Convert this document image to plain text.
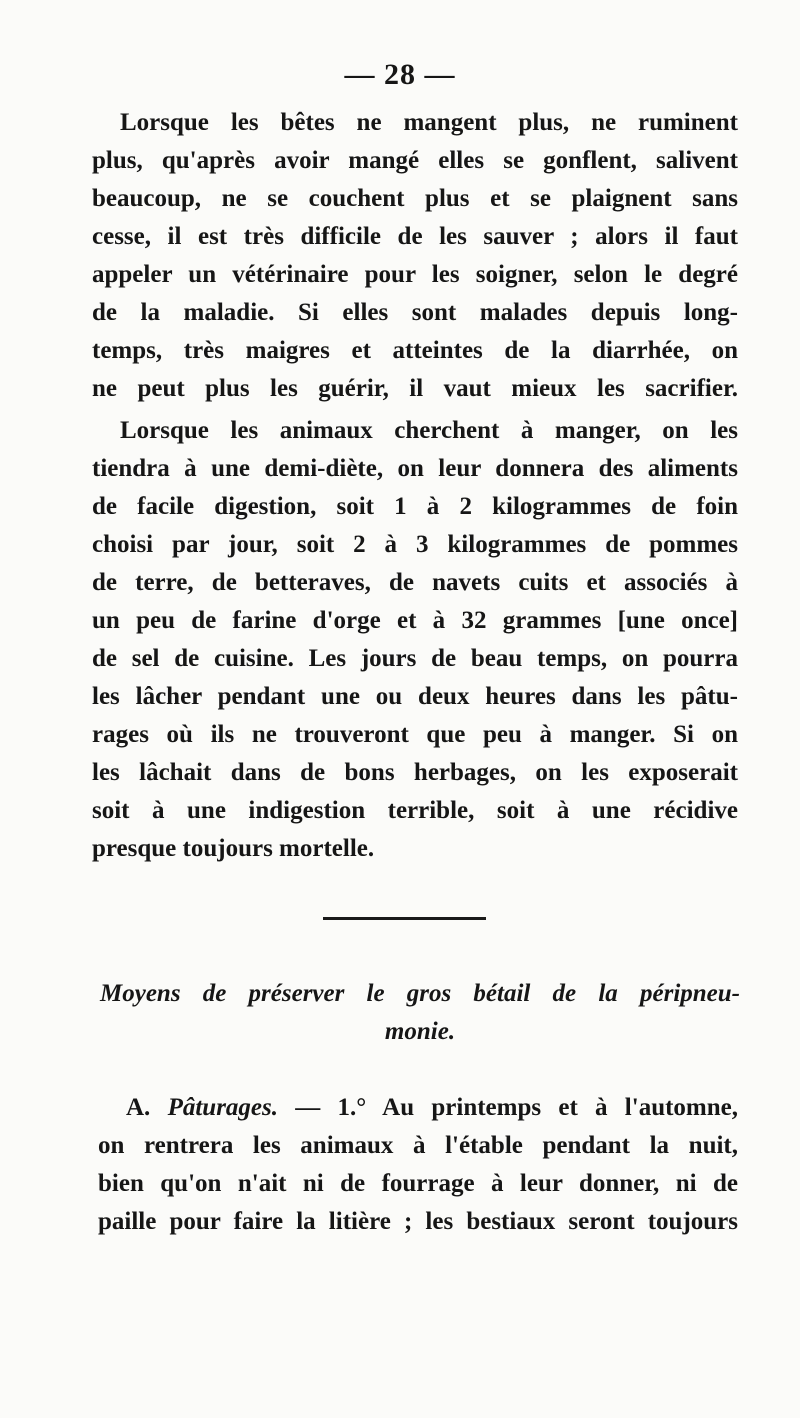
— 28 —
Lorsque les bêtes ne mangent plus, ne ruminent
plus, qu'après avoir mangé elles se gonflent, salivent
beaucoup, ne se couchent plus et se plaignent sans
cesse, il est très difficile de les sauver ; alors il faut
appeler un vétérinaire pour les soigner, selon le degré
de la maladie. Si elles sont malades depuis long-
temps, très maigres et atteintes de la diarrhée, on
ne peut plus les guérir, il vaut mieux les sacrifier.
Lorsque les animaux cherchent à manger, on les
tiendra à une demi-diète, on leur donnera des aliments
de facile digestion, soit 1 à 2 kilogrammes de foin
choisi par jour, soit 2 à 3 kilogrammes de pommes
de terre, de betteraves, de navets cuits et associés à
un peu de farine d'orge et à 32 grammes [une once]
de sel de cuisine. Les jours de beau temps, on pourra
les lâcher pendant une ou deux heures dans les pâtu-
rages où ils ne trouveront que peu à manger. Si on
les lâchait dans de bons herbages, on les exposerait
soit à une indigestion terrible, soit à une récidive
presque toujours mortelle.
Moyens de préserver le gros bétail de la péripneu-
monie.
A. Pâturages. — 1.° Au printemps et à l'automne,
on rentrera les animaux à l'étable pendant la nuit,
bien qu'on n'ait ni de fourrage à leur donner, ni de
paille pour faire la litière ; les bestiaux seront toujours
